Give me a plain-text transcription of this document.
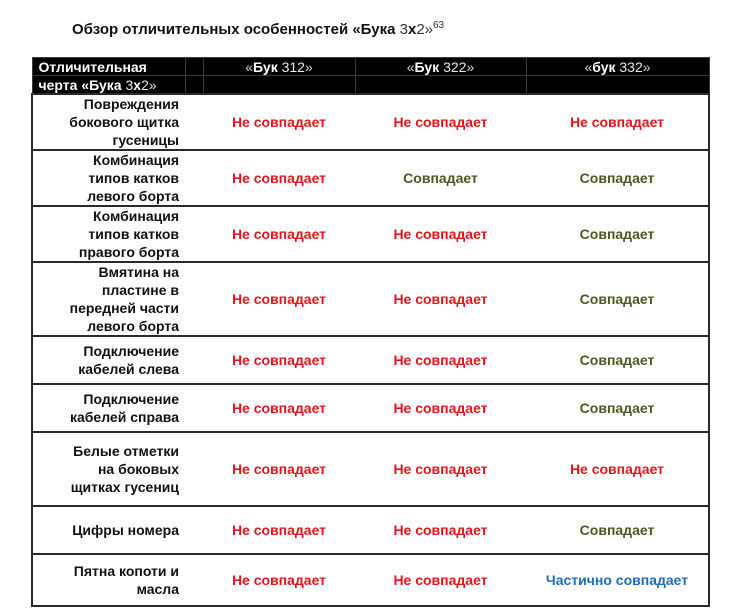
Обзор отличительных особенностей «Бука 3x2»$^{63}$
Отличительная		«Бук 312»	«Бук 322»	«бук 332»
черта «Бука 3x2»				

Повреждения
бокового щитка
гусеницы		Не совпадает	Не совпадает	Не совпадает

Комбинация
типов катков
левого борта		Не совпадает	Совпадает	Совпадает

Комбинация
типов катков
правого борта		Не совпадает	Не совпадает	Совпадает

Вмятина на
пластине в
передней части
левого борта		Не совпадает	Не совпадает	Совпадает

Подключение
кабелей слева		Не совпадает	Не совпадает	Совпадает

Подключение
кабелей справа		Не совпадает	Не совпадает	Совпадает

Белые отметки
на боковых
щитках гусениц		Не совпадает	Не совпадает	Не совпадает

Цифры номера		Не совпадает	Не совпадает	Совпадает

Пятна копоти и
масла		Не совпадает	Не совпадает	Частично совпадает
